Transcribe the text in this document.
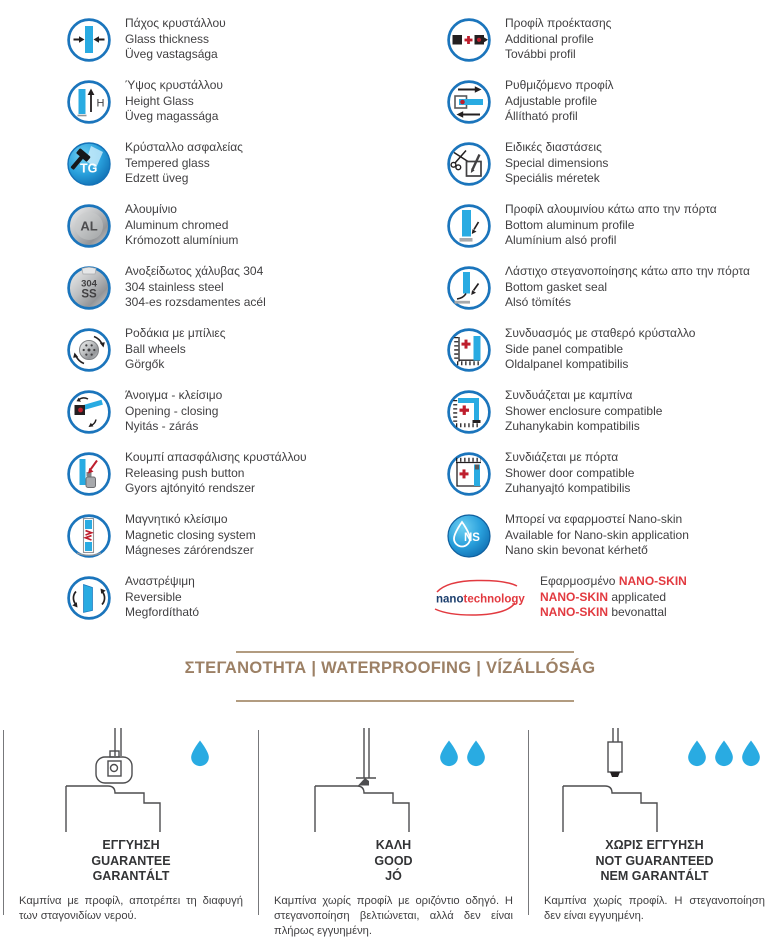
Πάχος κρυστάλλου
Glass thickness
Üveg vastagsága
H
Ύψος κρυστάλλου
Height Glass
Üveg magassága
TG
Κρύσταλλο ασφαλείας
Tempered glass
Edzett üveg
AL
Αλουμίνιο
Aluminum chromed
Krómozott alumínium
304
SS
Ανοξείδωτος χάλυβας 304
304 stainless steel
304-es rozsdamentes acél
Ροδάκια με μπίλιες
Ball wheels
Görgők
Άνοιγμα - κλείσιμο
Opening - closing
Nyitás - zárás
Κουμπί απασφάλισης κρυστάλλου
Releasing push button
Gyors ajtónyitó rendszer
Μαγνητικό κλείσιμο
Magnetic closing system
Mágneses zárórendszer
Αναστρέψιμη
Reversible
Megfordítható
Προφίλ προέκτασης
Additional profile
További profil
Ρυθμιζόμενο προφίλ
Adjustable profile
Állítható profil
Ειδικές διαστάσεις
Special dimensions
Speciális méretek
Προφίλ αλουμινίου κάτω απο την πόρτα
Bottom aluminum profile
Alumínium alsó profil
Λάστιχο στεγανοποίησης κάτω απο την πόρτα
Bottom gasket seal
Alsó tömítés
Συνδυασμός με σταθερό κρύσταλλο
Side panel compatible
Oldalpanel kompatibilis
Συνδυάζεται με καμπίνα
Shower enclosure compatible
Zuhanykabin kompatibilis
Συνδιάζεται με πόρτα
Shower door compatible
Zuhanyajtó kompatibilis
NS
Μπορεί να εφαρμοστεί Nano-skin
Available for Nano-skin application
Nano skin bevonat kérhető
nanotechnology
Εφαρμοσμένο NANO-SKIN
NANO-SKIN applicated
NANO-SKIN bevonattal
ΣΤΕΓΑΝΟΤΗΤΑ | WATERPROOFING | VÍZÁLLÓSÁG
ΕΓΓΥΗΣΗ
GUARANTEE
GARANTÁLT
Καμπίνα με προφίλ, αποτρέπει τη διαφυγή των σταγονιδίων νερού.
ΚΑΛΗ
GOOD
JÓ
Καμπίνα χωρίς προφίλ με οριζόντιο οδηγό. Η στεγανοποίηση βελτιώνεται, αλλά δεν είναι πλήρως εγγυημένη.
ΧΩΡΙΣ ΕΓΓΥΗΣΗ
NOT GUARANTEED
NEM GARANTÁLT
Καμπίνα χωρίς προφίλ. Η στεγανοποίηση δεν είναι εγγυημένη.
